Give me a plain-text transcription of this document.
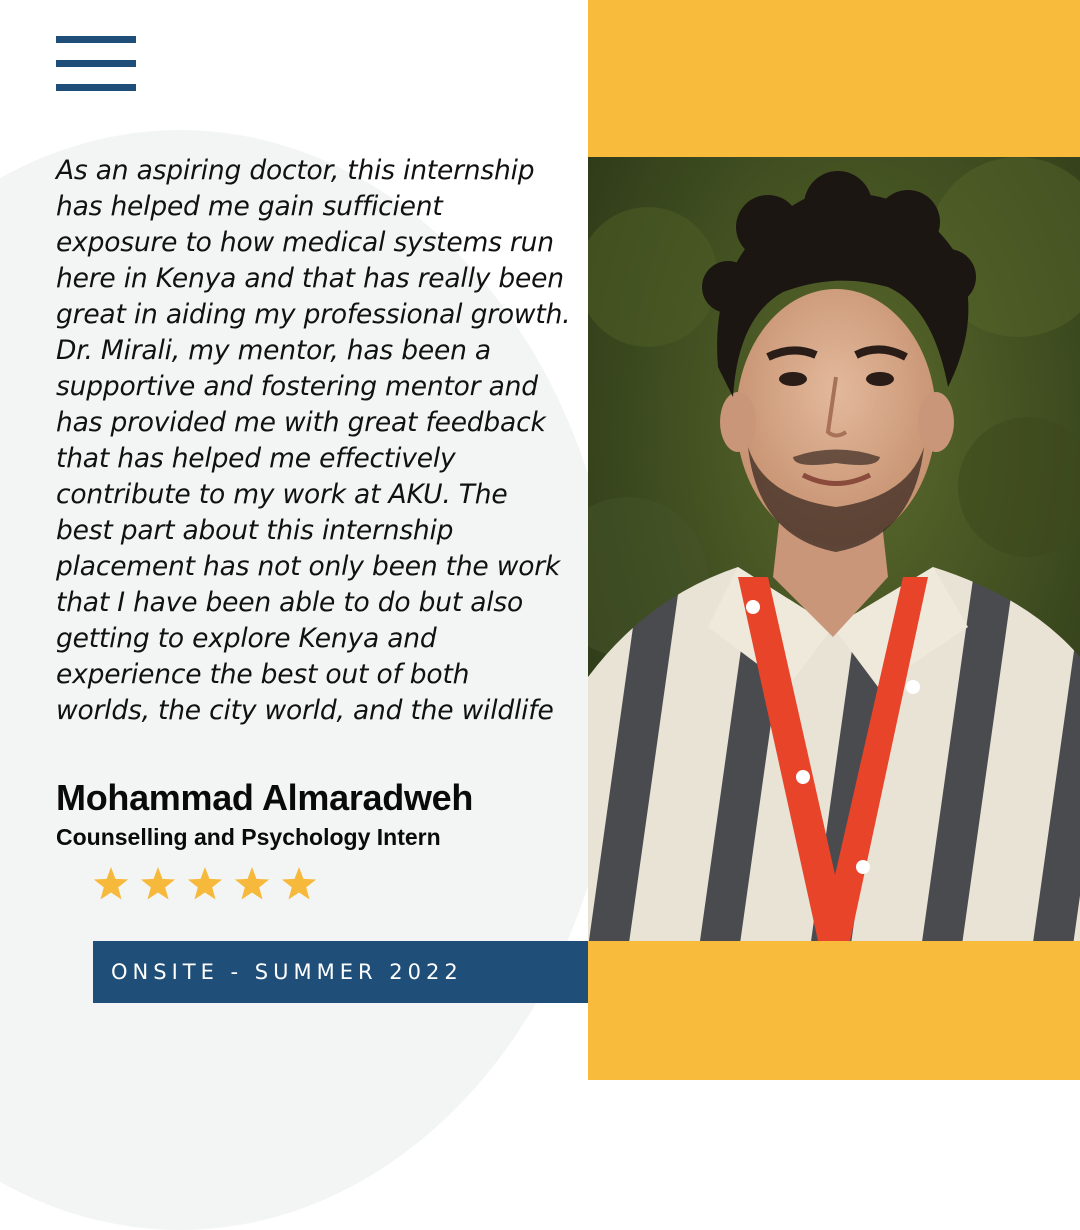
As an aspiring doctor, this internship has helped me gain sufficient exposure to how medical systems run here in Kenya and that has really been great in aiding my professional growth. Dr. Mirali, my mentor, has been a supportive and fostering mentor and has provided me with great feedback that has helped me effectively contribute to my work at AKU. The best part about this internship placement has not only been the work that I have been able to do but also getting to explore Kenya and experience the best out of both worlds, the city world, and the wildlife

Mohammad Almaradweh
Counselling and Psychology Intern
ONSITE - SUMMER 2022
